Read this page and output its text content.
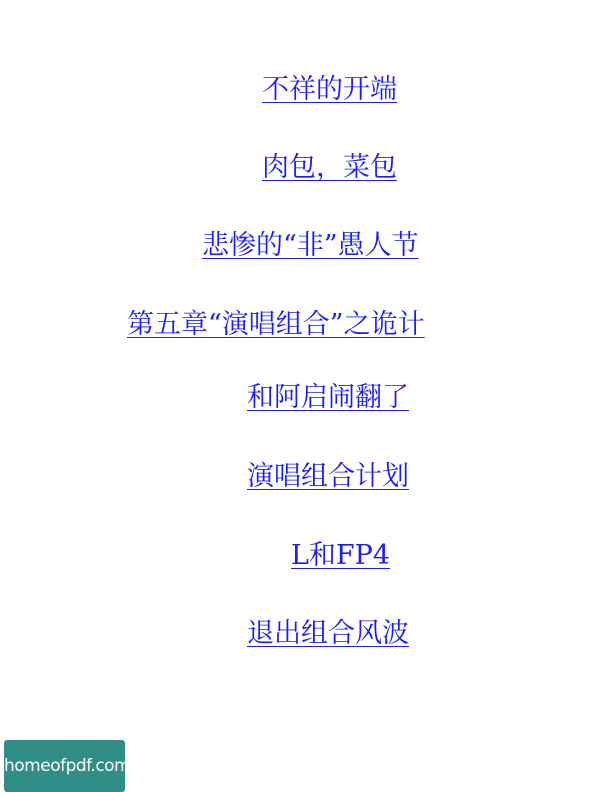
不祥的开端
肉包，菜包
悲惨的“非”愚人节
第五章“演唱组合”之诡计
和阿启闹翻了
演唱组合计划
L和FP4
退出组合风波
homeofpdf.com
